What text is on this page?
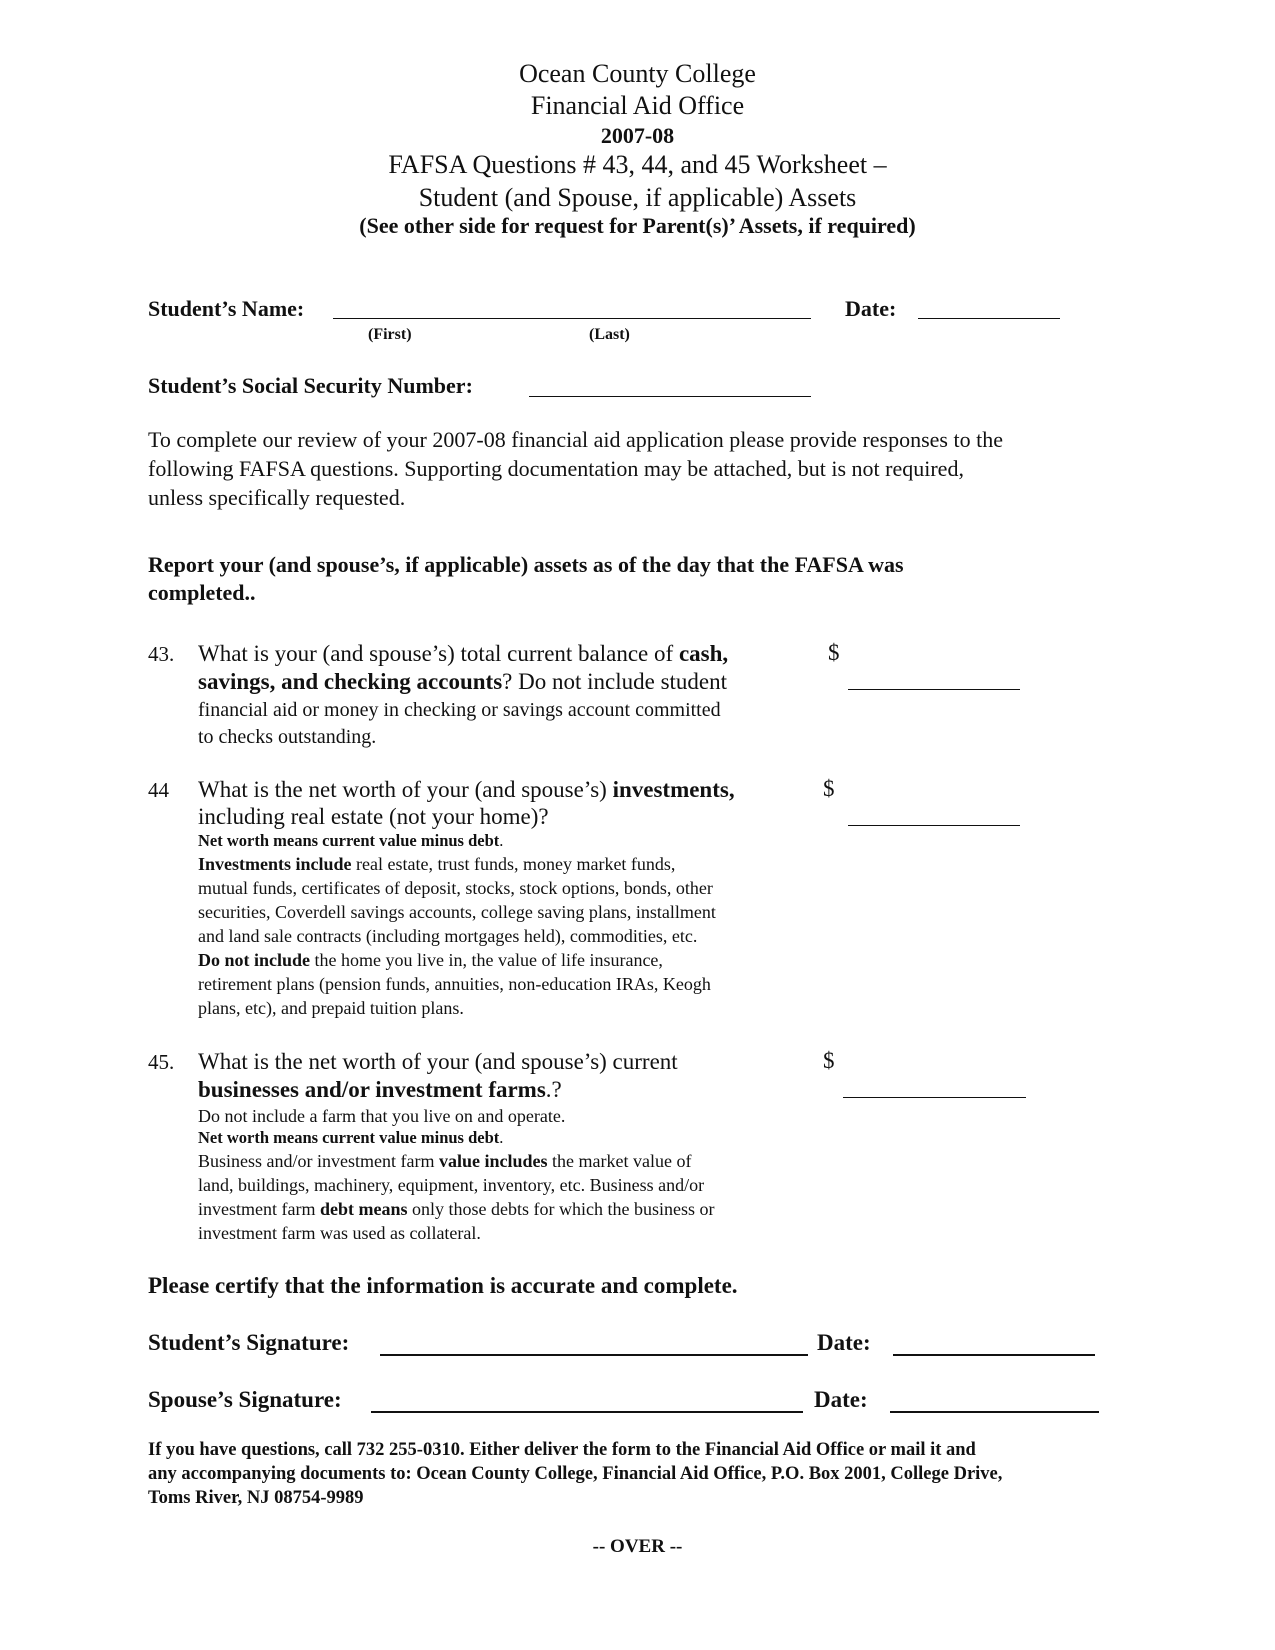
Ocean County College
Financial Aid Office
2007-08
FAFSA Questions # 43, 44, and 45 Worksheet –
Student (and Spouse, if applicable) Assets
(See other side for request for Parent(s)’ Assets, if required)
Student’s Name:
(First)	(Last)
Date:
Student’s Social Security Number:
To complete our review of your 2007-08 financial aid application please provide responses to the
following FAFSA questions. Supporting documentation may be attached, but is not required,
unless specifically requested.
Report your (and spouse’s, if applicable) assets as of the day that the FAFSA was
completed..
43. What is your (and spouse’s) total current balance of cash,
savings, and checking accounts? Do not include student
financial aid or money in checking or savings account committed
to checks outstanding.
$
44 What is the net worth of your (and spouse’s) investments,
including real estate (not your home)?
Net worth means current value minus debt.
Investments include real estate, trust funds, money market funds,
mutual funds, certificates of deposit, stocks, stock options, bonds, other
securities, Coverdell savings accounts, college saving plans, installment
and land sale contracts (including mortgages held), commodities, etc.
Do not include the home you live in, the value of life insurance,
retirement plans (pension funds, annuities, non-education IRAs, Keogh
plans, etc), and prepaid tuition plans.
$
45. What is the net worth of your (and spouse’s) current
businesses and/or investment farms.?
Do not include a farm that you live on and operate.
Net worth means current value minus debt.
Business and/or investment farm value includes the market value of
land, buildings, machinery, equipment, inventory, etc. Business and/or
investment farm debt means only those debts for which the business or
investment farm was used as collateral.
$
Please certify that the information is accurate and complete.
Student’s Signature:	Date:
Spouse’s Signature:	Date:
If you have questions, call 732 255-0310. Either deliver the form to the Financial Aid Office or mail it and
any accompanying documents to: Ocean County College, Financial Aid Office, P.O. Box 2001, College Drive,
Toms River, NJ 08754-9989
-- OVER --
